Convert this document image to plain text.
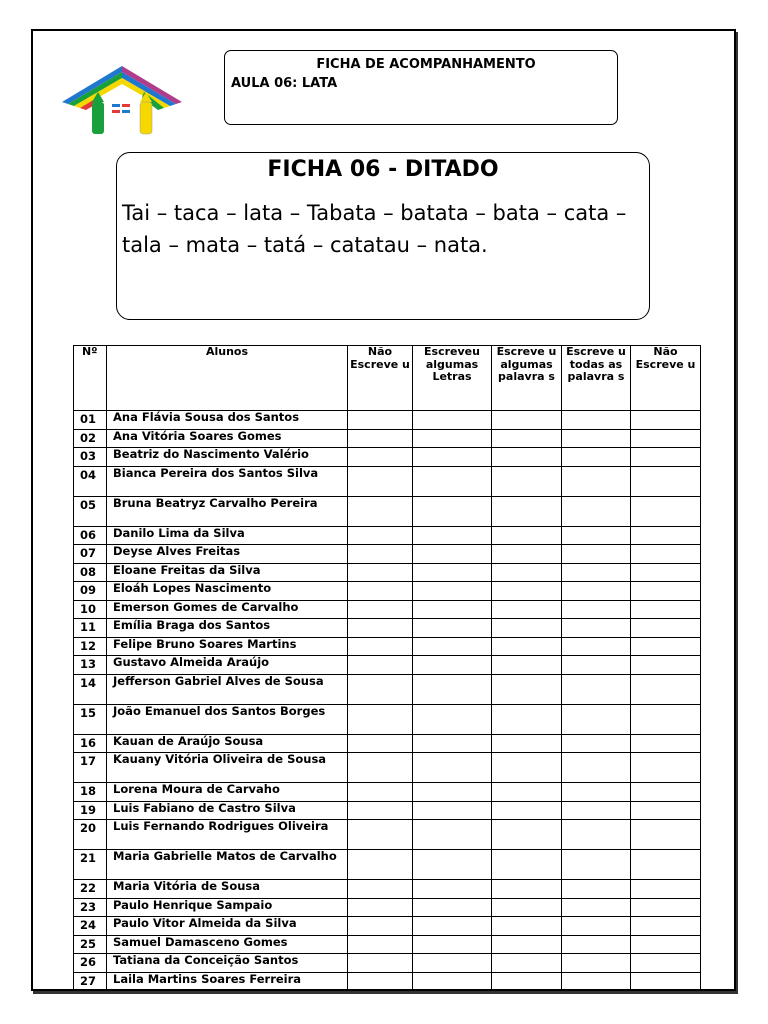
FICHA DE ACOMPANHAMENTO
AULA 06: LATA
FICHA 06 - DITADO
Tai – taca – lata – Tabata – batata – bata – cata – tala – mata – tatá – catatau – nata.
Nº	Alunos	Não Escreve u	Escreveu algumas Letras	Escreve u algumas palavra s	Escreve u todas as palavra s	Não Escreve u
01	Ana Flávia Sousa dos Santos					
02	Ana Vitória Soares Gomes					
03	Beatriz do Nascimento Valério					
04	Bianca Pereira dos Santos Silva					
05	Bruna Beatryz Carvalho Pereira					
06	Danilo Lima da Silva					
07	Deyse Alves Freitas					
08	Eloane Freitas da Silva					
09	Eloáh Lopes Nascimento					
10	Emerson Gomes de Carvalho					
11	Emília Braga dos Santos					
12	Felipe Bruno Soares Martins					
13	Gustavo Almeida Araújo					
14	Jefferson Gabriel Alves de Sousa					
15	João Emanuel dos Santos Borges					
16	Kauan de Araújo Sousa					
17	Kauany Vitória Oliveira de Sousa					
18	Lorena Moura de Carvaho					
19	Luis Fabiano de Castro Silva					
20	Luis Fernando Rodrigues Oliveira					
21	Maria Gabrielle Matos de Carvalho					
22	Maria Vitória de Sousa					
23	Paulo Henrique Sampaio					
24	Paulo Vitor Almeida da Silva					
25	Samuel Damasceno Gomes					
26	Tatiana da Conceição Santos					
27	Laila Martins Soares Ferreira					
